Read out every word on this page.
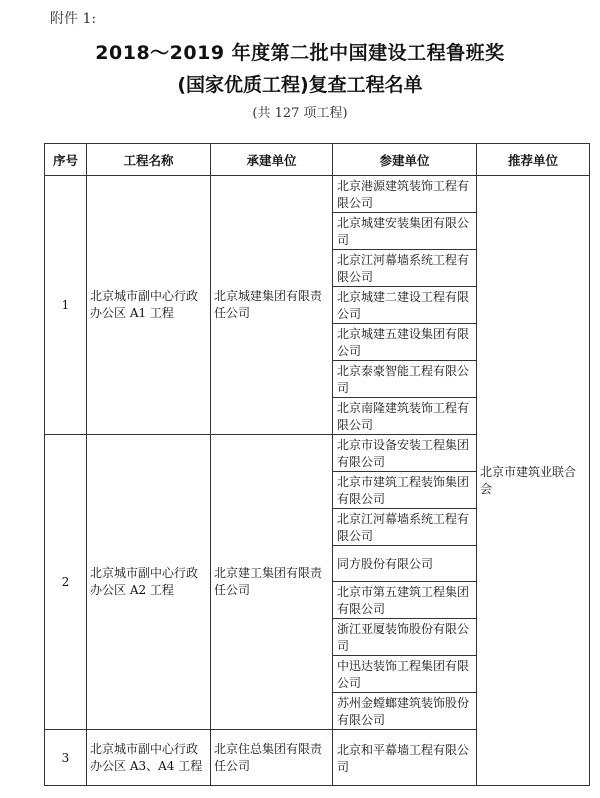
附件 1:
2018～2019 年度第二批中国建设工程鲁班奖
(国家优质工程)复查工程名单
(共 127 项工程)
序号	工程名称	承建单位	参建单位	推荐单位	
1	北京城市副中心行政办公区 A1 工程	北京城建集团有限责任公司	北京港源建筑装饰工程有限公司	北京市建筑业联合会	
			北京城建安装集团有限公司		
			北京江河幕墙系统工程有限公司		
			北京城建二建设工程有限公司		
			北京城建五建设集团有限公司		
			北京泰豪智能工程有限公司		
			北京南隆建筑装饰工程有限公司		
2	北京城市副中心行政办公区 A2 工程	北京建工集团有限责任公司	北京市设备安装工程集团有限公司		
			北京市建筑工程装饰集团有限公司		
			北京江河幕墙系统工程有限公司		
			同方股份有限公司		
			北京市第五建筑工程集团有限公司		
			浙江亚厦装饰股份有限公司		
			中迅达装饰工程集团有限公司		
			苏州金螳螂建筑装饰股份有限公司		
3	北京城市副中心行政办公区 A3、A4 工程	北京住总集团有限责任公司	北京和平幕墙工程有限公司		
